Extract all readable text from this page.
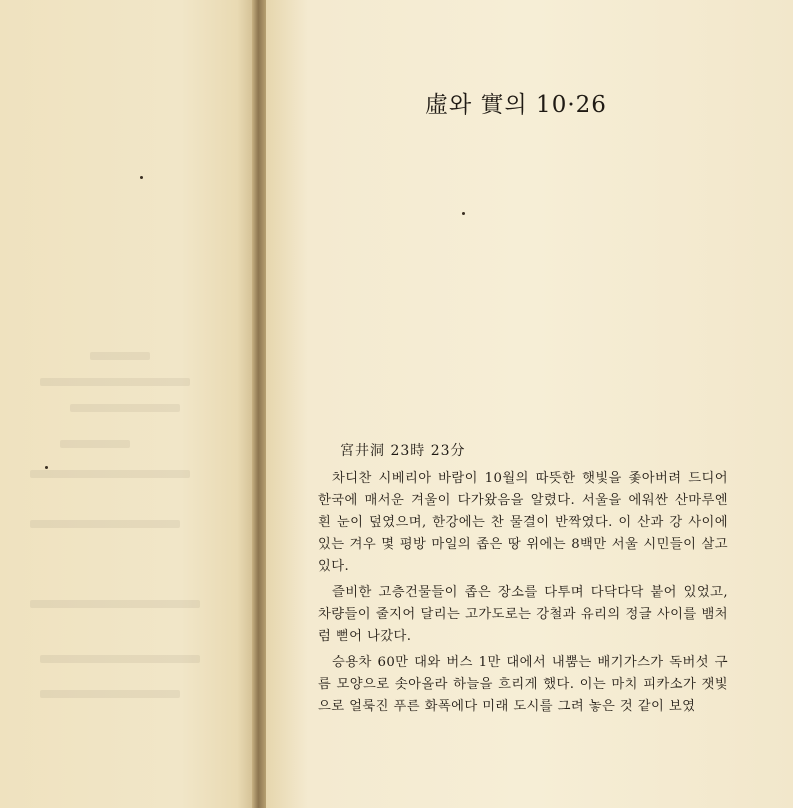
虛와 實의 10·26
宮井洞 23時 23分

차디찬 시베리아 바람이 10월의 따뜻한 햇빛을 좇아버려 드디어 한국에 매서운 겨울이 다가왔음을 알렸다. 서울을 에워싼 산마루엔 흰 눈이 덮였으며, 한강에는 찬 물결이 반짝였다. 이 산과 강 사이에 있는 겨우 몇 평방 마일의 좁은 땅 위에는 8백만 서울 시민들이 살고 있다.

즐비한 고층건물들이 좁은 장소를 다투며 다닥다닥 붙어 있었고, 차량들이 줄지어 달리는 고가도로는 강철과 유리의 정글 사이를 뱀처럼 뻗어 나갔다.

승용차 60만 대와 버스 1만 대에서 내뿜는 배기가스가 독버섯 구름 모양으로 솟아올라 하늘을 흐리게 했다. 이는 마치 피카소가 잿빛으로 얼룩진 푸른 화폭에다 미래 도시를 그려 놓은 것 같이 보였
